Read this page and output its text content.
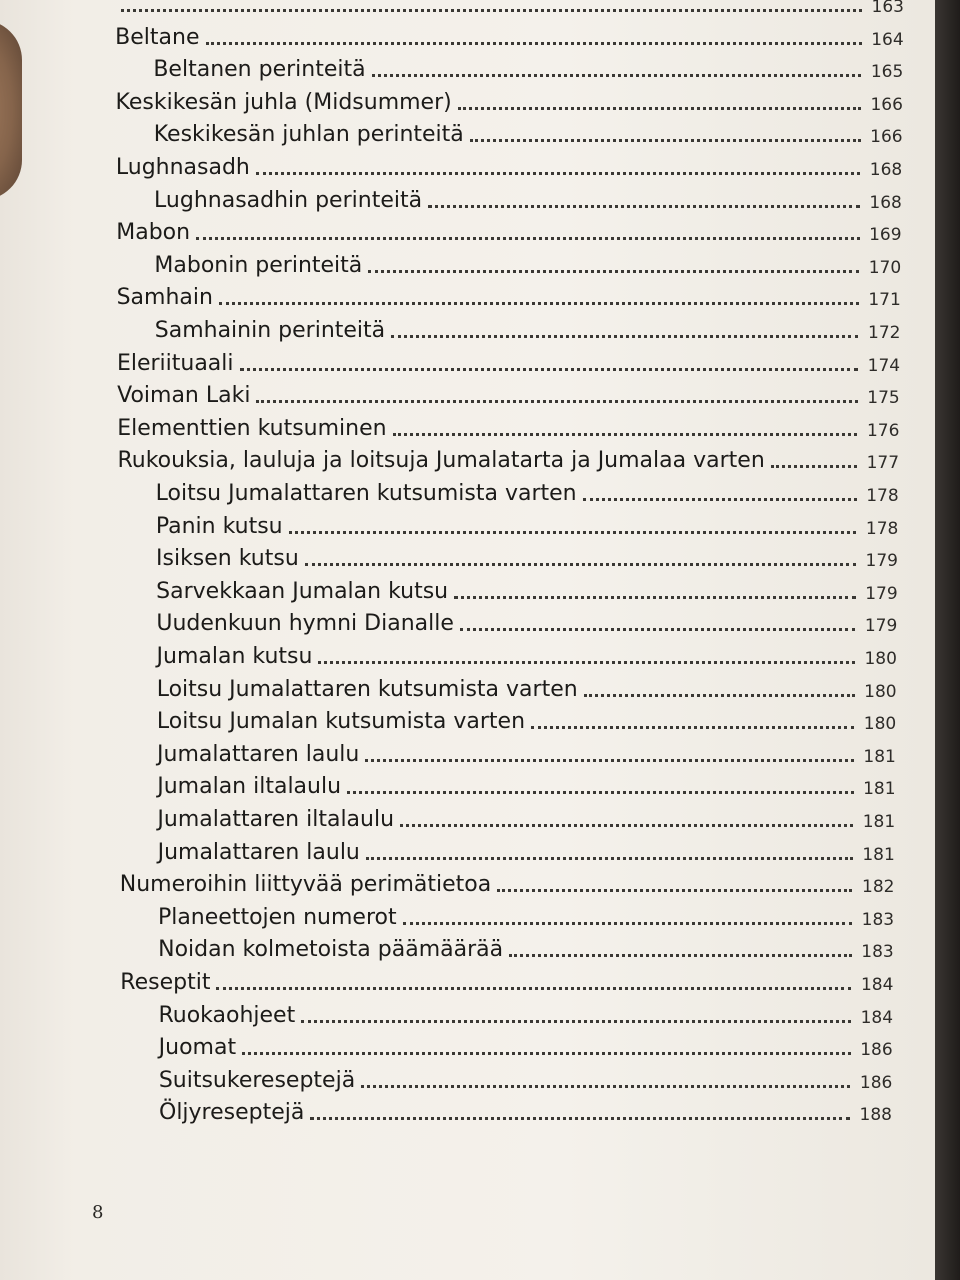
163
Beltane	164
Beltanen perinteitä	165
Keskikesän juhla (Midsummer)	166
Keskikesän juhlan perinteitä	166
Lughnasadh	168
Lughnasadhin perinteitä	168
Mabon	169
Mabonin perinteitä	170
Samhain	171
Samhainin perinteitä	172
Eleriituaali	174
Voiman Laki	175
Elementtien kutsuminen	176
Rukouksia, lauluja ja loitsuja Jumalatarta ja Jumalaa varten	177
Loitsu Jumalattaren kutsumista varten	178
Panin kutsu	178
Isiksen kutsu	179
Sarvekkaan Jumalan kutsu	179
Uudenkuun hymni Dianalle	179
Jumalan kutsu	180
Loitsu Jumalattaren kutsumista varten	180
Loitsu Jumalan kutsumista varten	180
Jumalattaren laulu	181
Jumalan iltalaulu	181
Jumalattaren iltalaulu	181
Jumalattaren laulu	181
Numeroihin liittyvää perimätietoa	182
Planeettojen numerot	183
Noidan kolmetoista päämäärää	183
Reseptit	184
Ruokaohjeet	184
Juomat	186
Suitsukereseptejä	186
Öljyreseptejä	188
8
